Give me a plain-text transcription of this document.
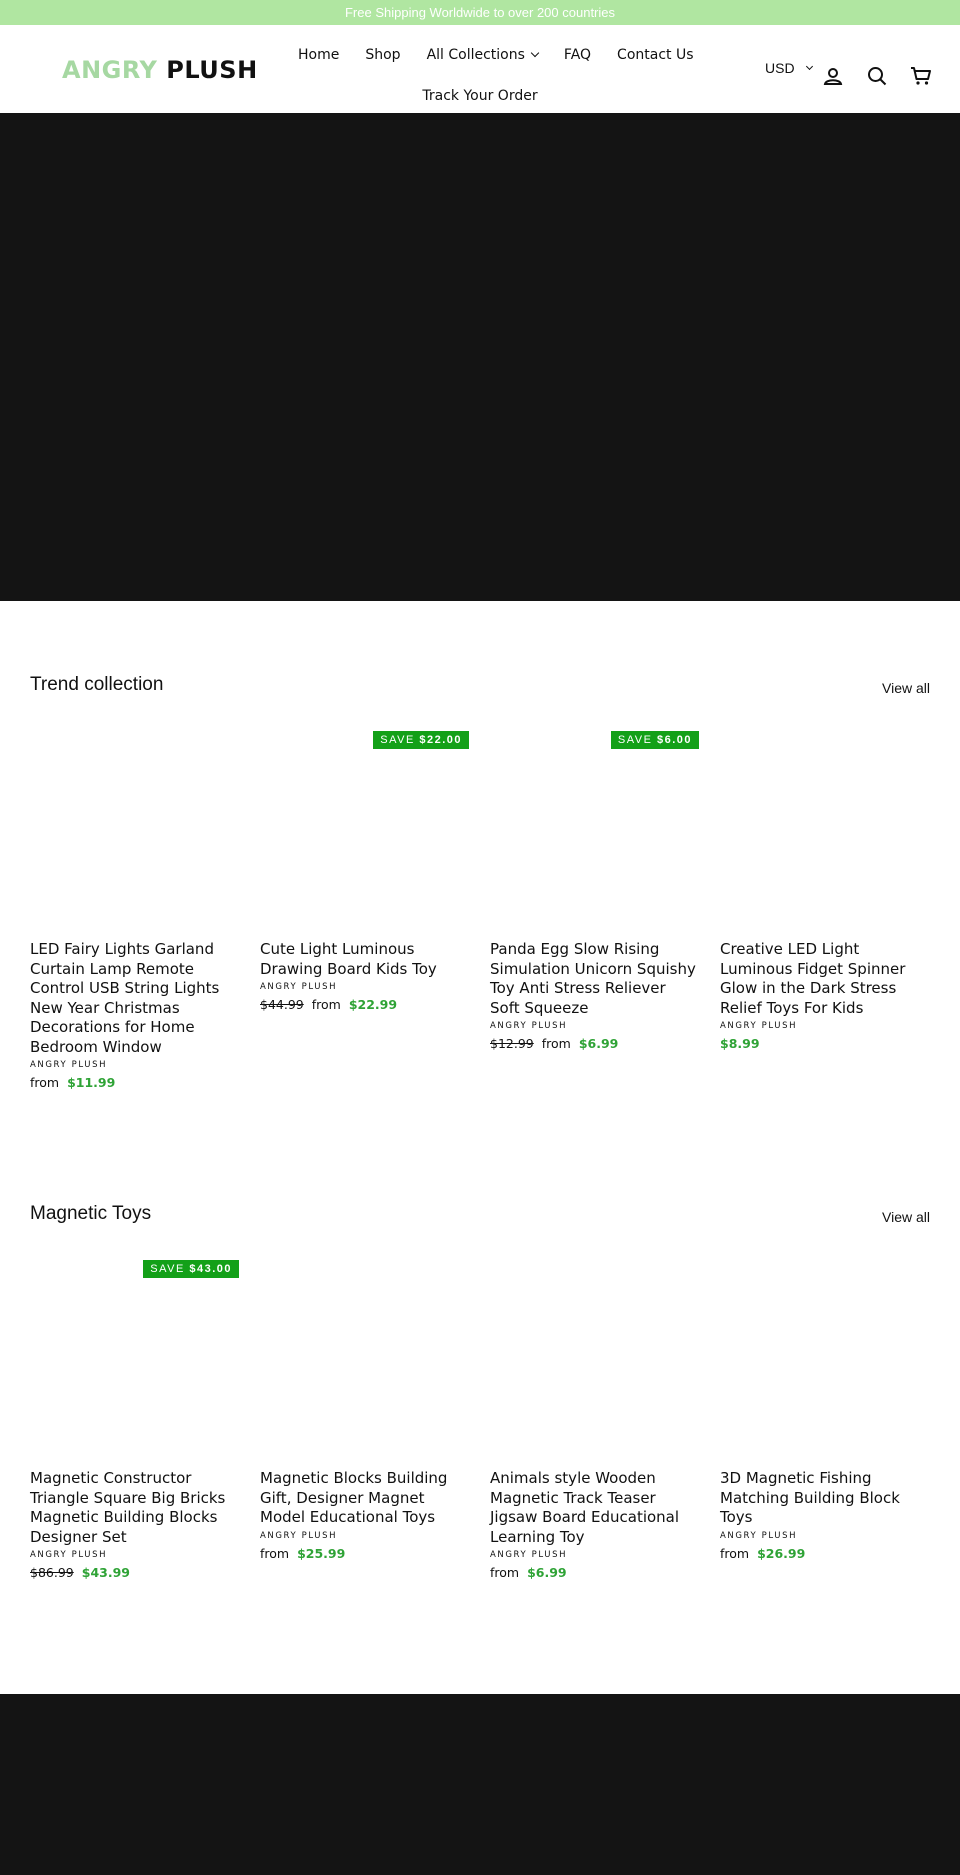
Free Shipping Worldwide to over 200 countries
ANGRY PLUSH
Home	Shop	All Collections	FAQ	Contact Us
Track Your Order
USD
Trend collection	View all
LED Fairy Lights Garland Curtain Lamp Remote Control USB String Lights New Year Christmas Decorations for Home Bedroom Window
ANGRY PLUSH
from $11.99
SAVE $22.00
Cute Light Luminous Drawing Board Kids Toy
ANGRY PLUSH
$44.99 from $22.99
SAVE $6.00
Panda Egg Slow Rising Simulation Unicorn Squishy Toy Anti Stress Reliever Soft Squeeze
ANGRY PLUSH
$12.99 from $6.99
Creative LED Light Luminous Fidget Spinner Glow in the Dark Stress Relief Toys For Kids
ANGRY PLUSH
$8.99
Magnetic Toys	View all
SAVE $43.00
Magnetic Constructor Triangle Square Big Bricks Magnetic Building Blocks Designer Set
ANGRY PLUSH
$86.99 $43.99
Magnetic Blocks Building Gift, Designer Magnet Model Educational Toys
ANGRY PLUSH
from $25.99
Animals style Wooden Magnetic Track Teaser Jigsaw Board Educational Learning Toy
ANGRY PLUSH
from $6.99
3D Magnetic Fishing Matching Building Block Toys
ANGRY PLUSH
from $26.99
